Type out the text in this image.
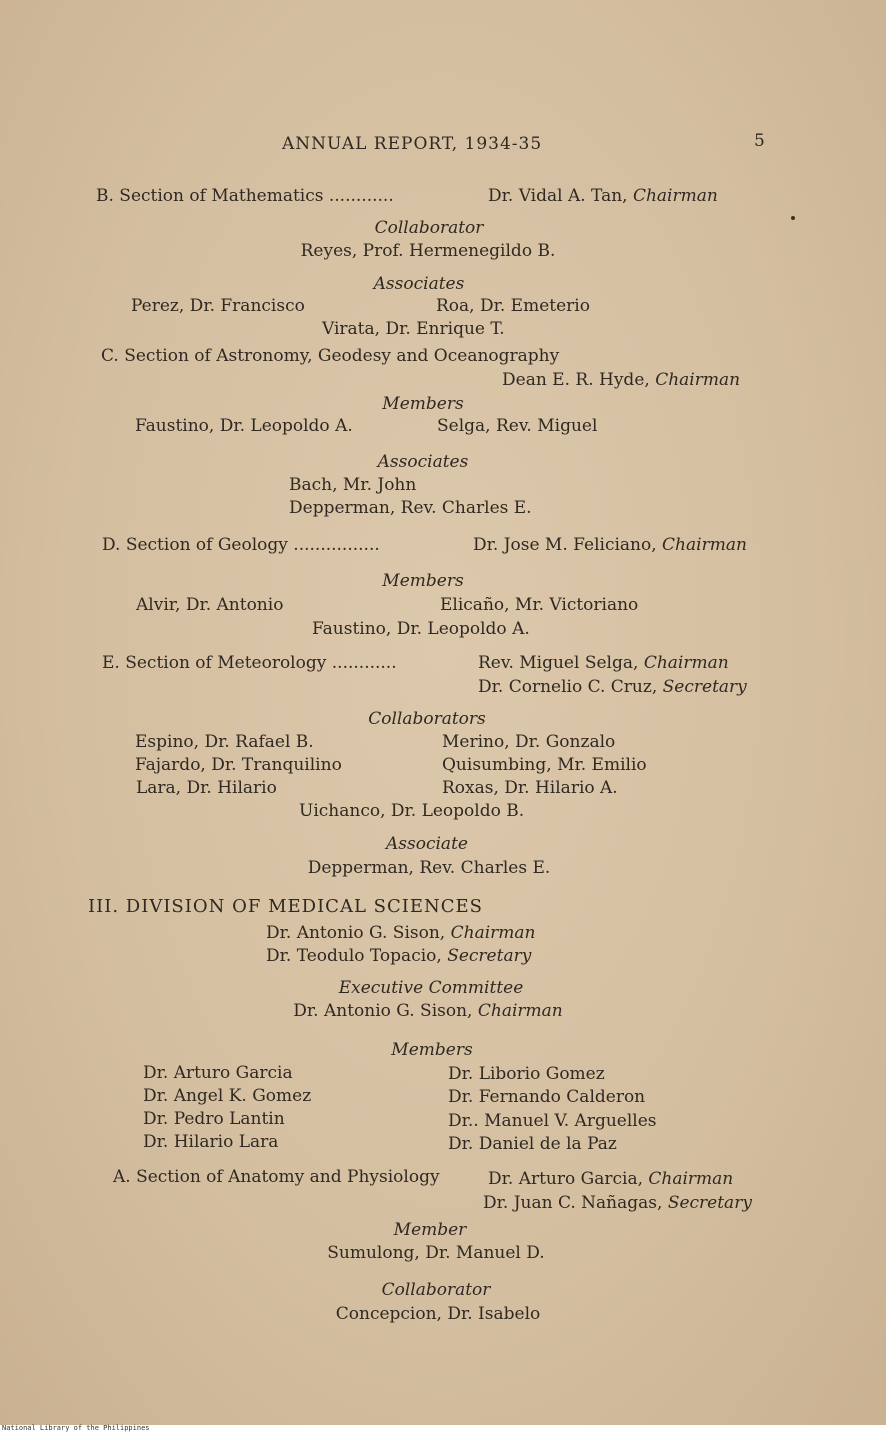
ANNUAL REPORT, 1934-35	5
B. Section of Mathematics ............	Dr. Vidal A. Tan, Chairman
Collaborator
Reyes, Prof. Hermenegildo B.
Associates
Perez, Dr. Francisco	Roa, Dr. Emeterio
Virata, Dr. Enrique T.
C. Section of Astronomy, Geodesy and Oceanography
Dean E. R. Hyde, Chairman
Members
Faustino, Dr. Leopoldo A.	Selga, Rev. Miguel
Associates
Bach, Mr. John
Depperman, Rev. Charles E.
D. Section of Geology ................	Dr. Jose M. Feliciano, Chairman
Members
Alvir, Dr. Antonio	Elicaño, Mr. Victoriano
Faustino, Dr. Leopoldo A.
E. Section of Meteorology ............	Rev. Miguel Selga, Chairman
Dr. Cornelio C. Cruz, Secretary
Collaborators
Espino, Dr. Rafael B.	Merino, Dr. Gonzalo
Fajardo, Dr. Tranquilino	Quisumbing, Mr. Emilio
Lara, Dr. Hilario	Roxas, Dr. Hilario A.
Uichanco, Dr. Leopoldo B.
Associate
Depperman, Rev. Charles E.
III. DIVISION OF MEDICAL SCIENCES
Dr. Antonio G. Sison, Chairman
Dr. Teodulo Topacio, Secretary
Executive Committee
Dr. Antonio G. Sison, Chairman
Members
Dr. Arturo Garcia	Dr. Liborio Gomez
Dr. Angel K. Gomez	Dr. Fernando Calderon
Dr. Pedro Lantin	Dr.. Manuel V. Arguelles
Dr. Hilario Lara	Dr. Daniel de la Paz
A. Section of Anatomy and Physiology	Dr. Arturo Garcia, Chairman
Dr. Juan C. Nañagas, Secretary
Member
Sumulong, Dr. Manuel D.
Collaborator
Concepcion, Dr. Isabelo
National Library of the Philippines
